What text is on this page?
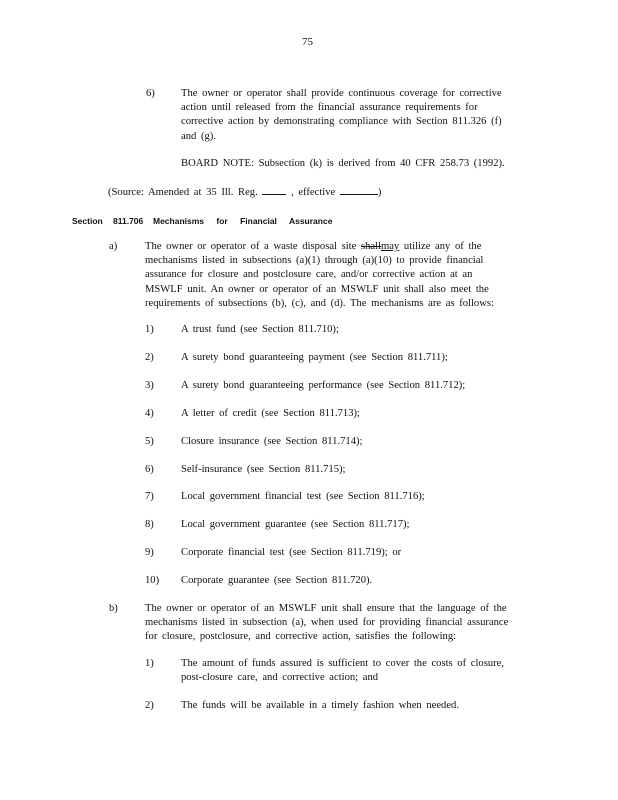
75
6) The owner or operator shall provide continuous coverage for corrective
action until released from the financial assurance requirements for
corrective action by demonstrating compliance with Section 811.326 (f)
and (g).
BOARD NOTE: Subsection (k) is derived from 40 CFR 258.73 (1992).
(Source: Amended at 35 Ill. Reg.	, effective	)
Section 811.706 Mechanisms for Financial Assurance
a)	The owner or operator of a waste disposal site shallmay utilize any of the
mechanisms listed in subsections (a)(1) through (a)(10) to provide financial
assurance for closure and postclosure care, and/or corrective action at an
MSWLF unit. An owner or operator of an MSWLF unit shall also meet the
requirements of subsections (b), (c), and (d). The mechanisms are as follows:
1)	A trust fund (see Section 811.710);
2)	A surety bond guaranteeing payment (see Section 811.711);
3)	A surety bond guaranteeing performance (see Section 811.712);
4)	A letter of credit (see Section 811.713);
5)	Closure insurance (see Section 811.714);
6)	Self-insurance (see Section 811.715);
7)	Local government financial test (see Section 811.716);
8)	Local government guarantee (see Section 811.717);
9)	Corporate financial test (see Section 811.719); or
10) Corporate guarantee (see Section 811.720).
b)	The owner or operator of an MSWLF unit shall ensure that the language of the
mechanisms listed in subsection (a), when used for providing financial assurance
for closure, postclosure, and corrective action, satisfies the following:
1)	The amount of funds assured is sufficient to cover the costs of closure,
post-closure care, and corrective action; and
2)	The funds will be available in a timely fashion when needed.
